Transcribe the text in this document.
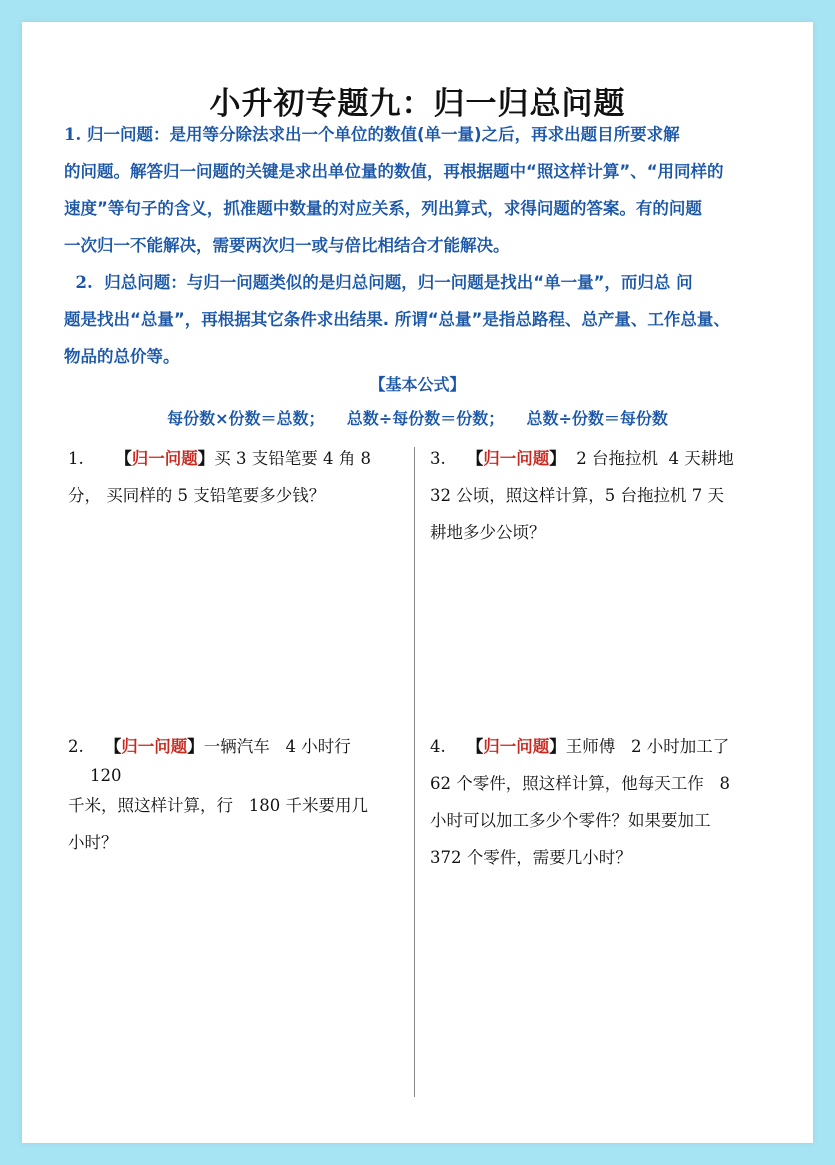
小升初专题九：归一归总问题
1. 归一问题：是用等分除法求出一个单位的数值(单一量)之后，再求出题目所要求解
的问题。解答归一问题的关键是求出单位量的数值，再根据题中“照这样计算”、“用同样的
速度”等句子的含义，抓准题中数量的对应关系，列出算式，求得问题的答案。有的问题
一次归一不能解决，需要两次归一或与倍比相结合才能解决。
2. 归总问题：与归一问题类似的是归总问题，归一问题是找出“单一量”，而归总 问
题是找出“总量”，再根据其它条件求出结果. 所谓“总量”是指总路程、总产量、工作总量、
物品的总价等。
【基本公式】
每份数×份数＝总数；    总数÷每份数＝份数；    总数÷份数＝每份数
1. 【归一问题】买 3 支铅笔要 4 角 8
分， 买同样的 5 支铅笔要多少钱？
3. 【归一问题】  2 台拖拉机  4 天耕地
32 公顷，照这样计算，5 台拖拉机 7 天
耕地多少公顷？
2. 【归一问题】一辆汽车   4 小时行
120
千米，照这样计算，行   180 千米要用几
小时？
4. 【归一问题】王师傅   2 小时加工了
62 个零件，照这样计算，他每天工作   8
小时可以加工多少个零件？如果要加工
372 个零件，需要几小时？
